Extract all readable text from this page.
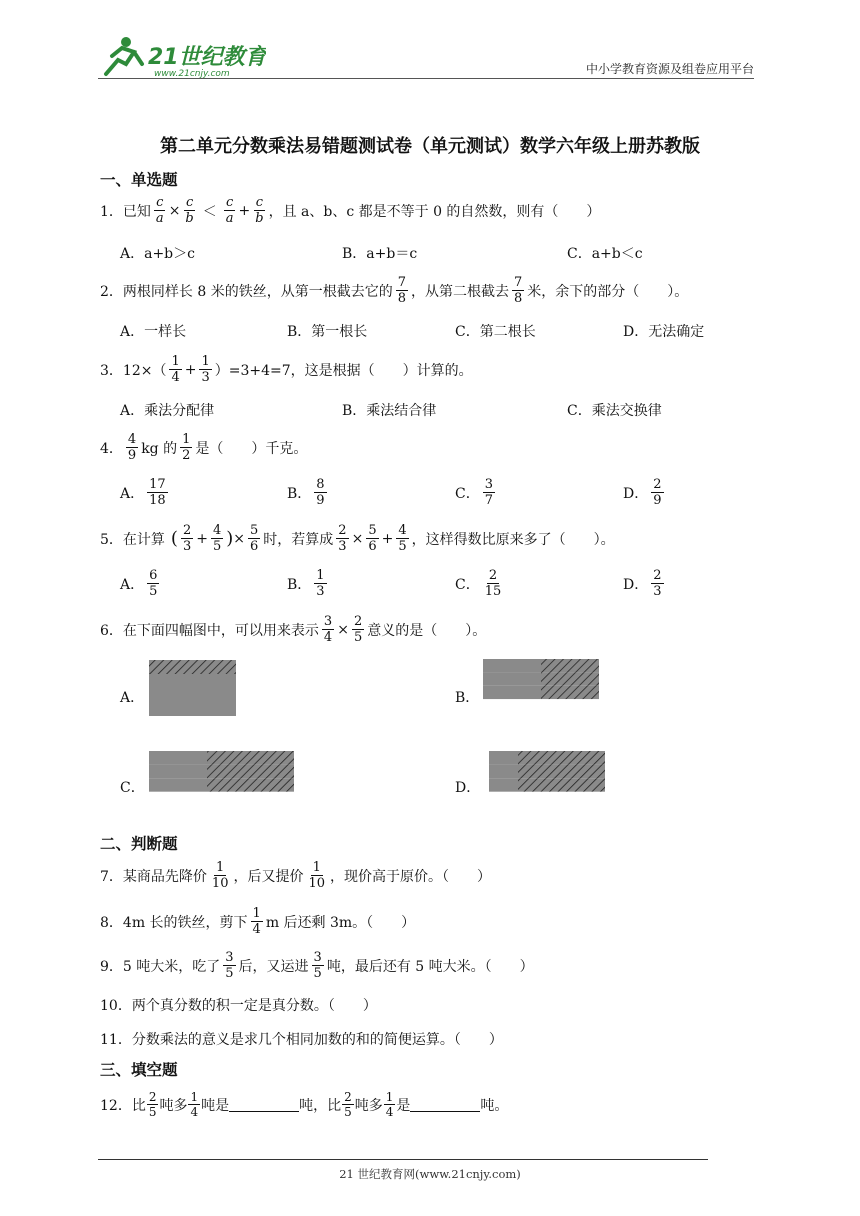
21世纪教育
www.21cnjy.com	中小学教育资源及组卷应用平台
第二单元分数乘法易错题测试卷（单元测试）数学六年级上册苏教版
一、单选题
1．已知 $\frac{c}{a} \times \frac{c}{b} < \frac{c}{a} + \frac{c}{b}$ ，且 a、b、c 都是不等于 0 的自然数，则有（　　）
A．a+b＞c	B．a+b＝c	C．a+b＜c
2．两根同样长 8 米的铁丝，从第一根截去它的 $\frac{7}{8}$ ，从第二根截去 $\frac{7}{8}$ 米，余下的部分（　　）。
A．一样长	B．第一根长	C．第二根长	D．无法确定
3．$12\times( \frac{1}{4} + \frac{1}{3} )=3+4=7$，这是根据（　　）计算的。
A．乘法分配律	B．乘法结合律	C．乘法交换律
4． $\frac{4}{9}$ kg 的 $\frac{1}{2}$ 是（　　）千克。
A． $\frac{17}{18}$	B． $\frac{8}{9}$	C． $\frac{3}{7}$	D． $\frac{2}{9}$
5．在计算 ( $\frac{2}{3} + \frac{4}{5}$ ) × $\frac{5}{6}$ 时，若算成 $\frac{2}{3} \times \frac{5}{6} + \frac{4}{5}$ ，这样得数比原来多了（　　）。
A． $\frac{6}{5}$	B． $\frac{1}{3}$	C． $\frac{2}{15}$	D． $\frac{2}{3}$
6．在下面四幅图中，可以用来表示 $\frac{3}{4} \times \frac{2}{5}$ 意义的是（　　）。
A．	B．
C．	D．
二、判断题
7．某商品先降价 $\frac{1}{10}$ ，后又提价 $\frac{1}{10}$ ，现价高于原价。（　　）
8．4m 长的铁丝，剪下 $\frac{1}{4}$ m 后还剩 3m。（　　）
9．5 吨大米，吃了 $\frac{3}{5}$ 后，又运进 $\frac{3}{5}$ 吨，最后还有 5 吨大米。（　　）
10．两个真分数的积一定是真分数。（　　）
11．分数乘法的意义是求几个相同加数的和的简便运算。（　　）
三、填空题
12．比 $\frac{2}{5}$ 吨多 $\frac{1}{4}$ 吨是	吨，比 $\frac{2}{5}$ 吨多 $\frac{1}{4}$ 是	吨。
21 世纪教育网(www.21cnjy.com)
